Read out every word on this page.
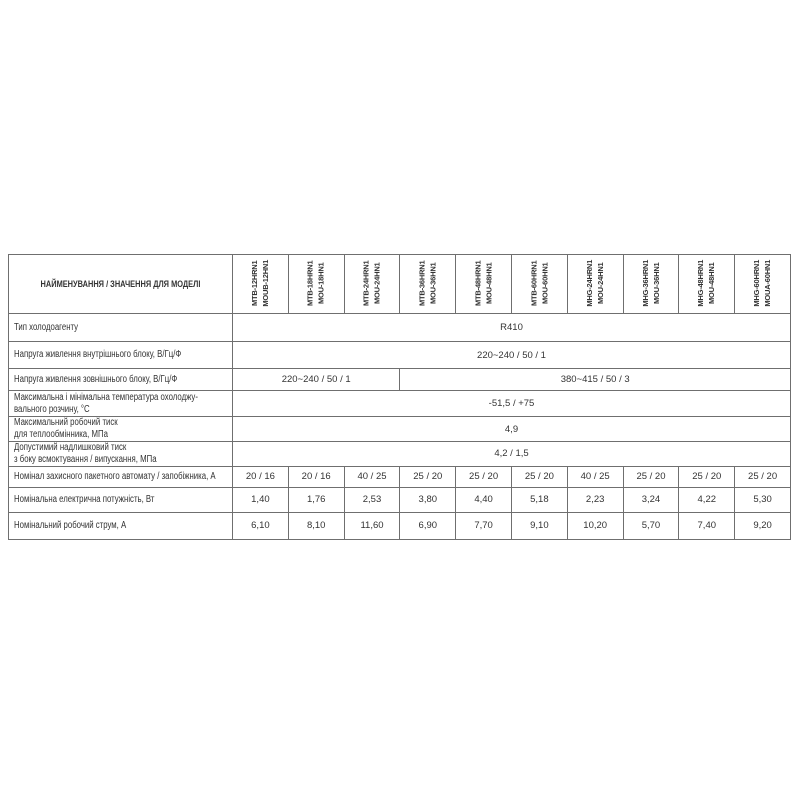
НАЙМЕНУВАННЯ / ЗНАЧЕННЯ ДЛЯ МОДЕЛІ	MTB-12HRN1 MOUB-12HN1	MTB-18HRN1 MOU-18HN1	MTB-24HRN1 MOU-24HN1	MTB-36HRN1 MOU-36HN1	MTB-48HRN1 MOU-48HN1	MTB-60HRN1 MOU-60HN1	MHG-24HRN1 MOU-24HN1	MHG-36HRN1 MOU-36HN1	MHG-48HRN1 MOU-48HN1	MHG-60HRN1 MOUA-60HN1

Тип холодоагенту	R410									

Напруга живлення внутрішнього блоку, В/Гц/Ф	220~240 / 50 / 1									

Напруга живлення зовнішнього блоку, В/Гц/Ф	220~240 / 50 / 1			380~415 / 50 / 3						

Максимальна і мінімальна температура охолоджу-
вального розчину, °С	-51,5 / +75									

Максимальний робочий тиск
для теплообмінника, МПа	4,9									

Допустимий надлишковий тиск
з боку всмоктування / випускання, МПа	4,2 / 1,5									

Номінал захисного пакетного автомату / запобіжника, А	20 / 16	20 / 16	40 / 25	25 / 20	25 / 20	25 / 20	40 / 25	25 / 20	25 / 20	25 / 20

Номінальна електрична потужність, Вт	1,40	1,76	2,53	3,80	4,40	5,18	2,23	3,24	4,22	5,30

Номінальний робочий струм, А	6,10	8,10	11,60	6,90	7,70	9,10	10,20	5,70	7,40	9,20
